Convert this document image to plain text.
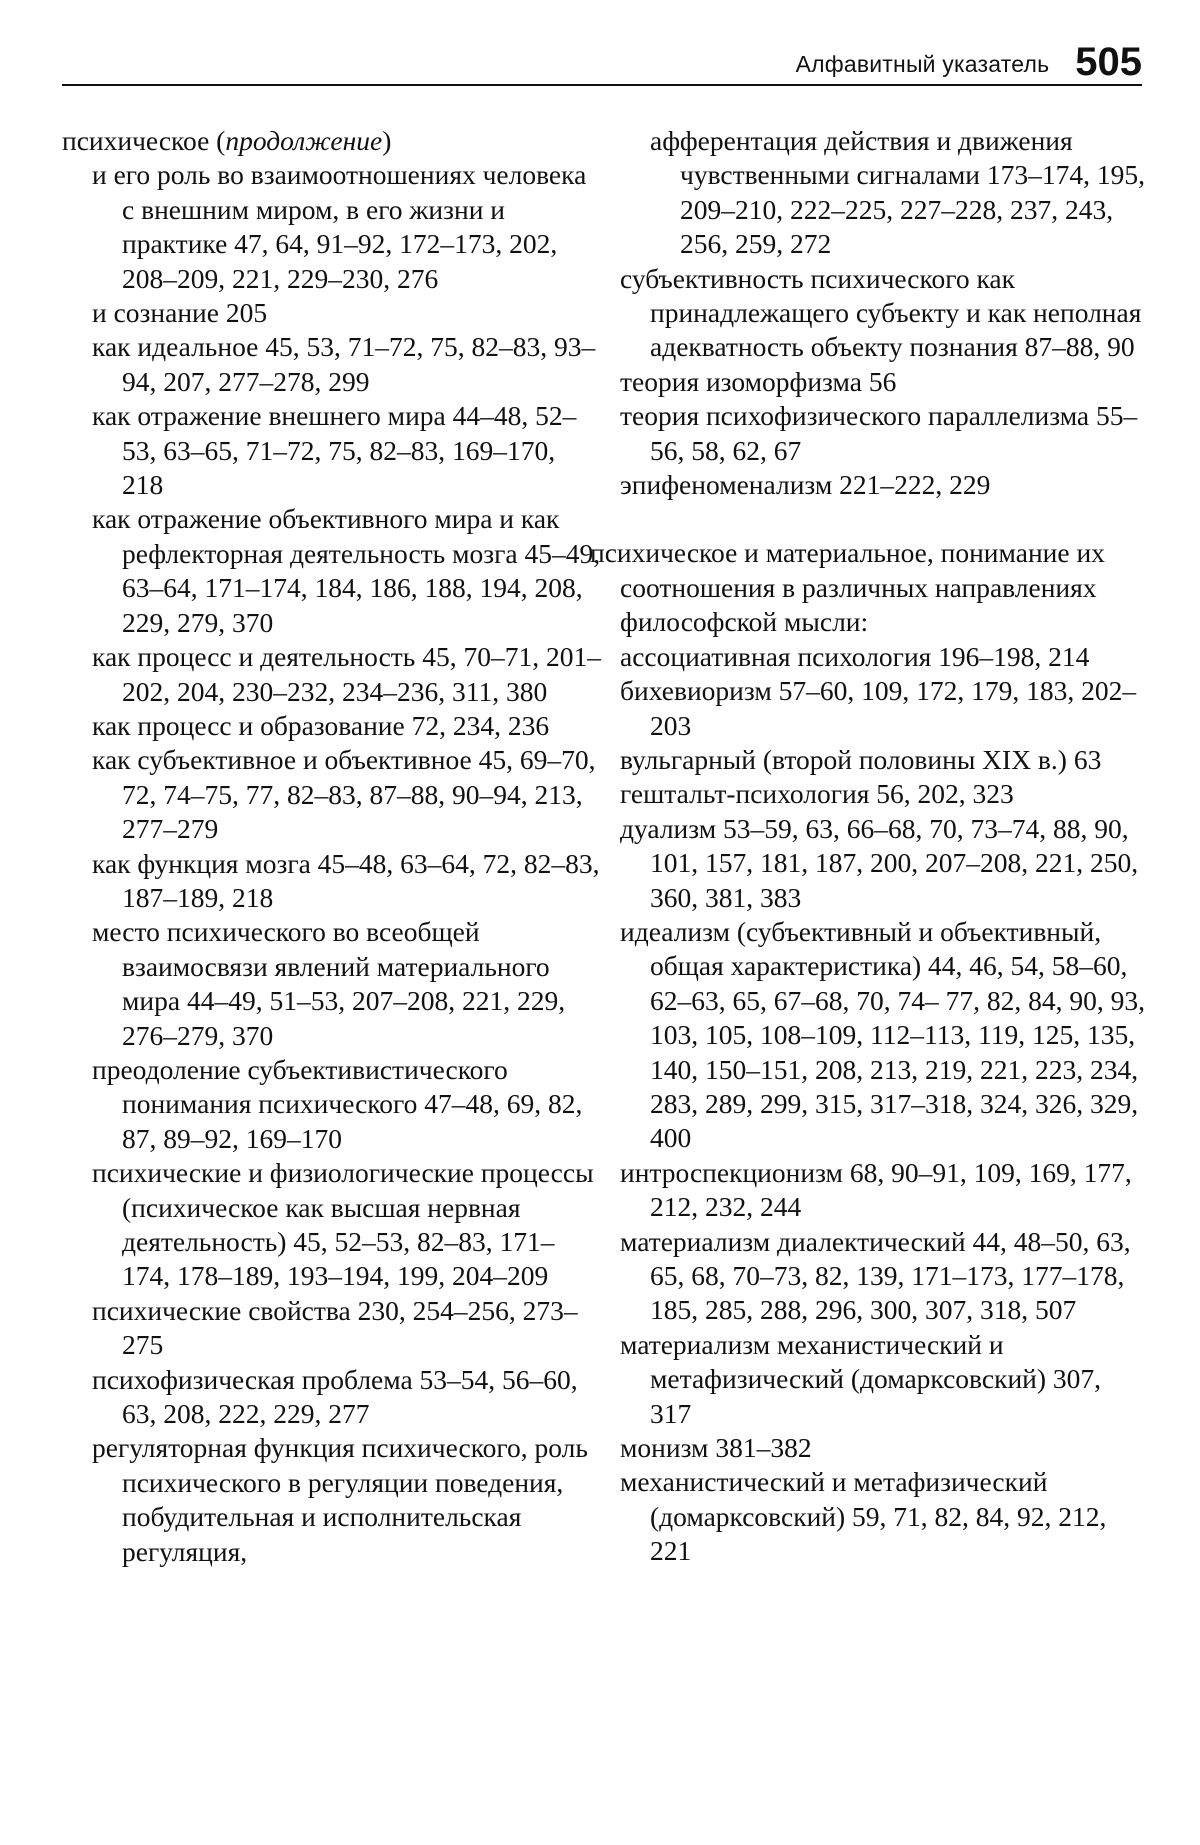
Алфавитный указатель 505

психическое (продолжение)

и его роль во взаимоотношениях человека с внешним миром, в его жизни и практике 47, 64, 91–92, 172–173, 202, 208–209, 221, 229–230, 276

и сознание 205

как идеальное 45, 53, 71–72, 75, 82–83, 93–94, 207, 277–278, 299

как отражение внешнего мира 44–48, 52–53, 63–65, 71–72, 75, 82–83, 169–170, 218

как отражение объективного мира и как рефлекторная деятельность мозга 45–49, 63–64, 171–174, 184, 186, 188, 194, 208, 229, 279, 370

как процесс и деятельность 45, 70–71, 201–202, 204, 230–232, 234–236, 311, 380

как процесс и образование 72, 234, 236

как субъективное и объективное 45, 69–70, 72, 74–75, 77, 82–83, 87–88, 90–94, 213, 277–279

как функция мозга 45–48, 63–64, 72, 82–83, 187–189, 218

место психического во всеобщей взаимосвязи явлений материального мира 44–49, 51–53, 207–208, 221, 229, 276–279, 370

преодоление субъективистического понимания психического 47–48, 69, 82, 87, 89–92, 169–170

психические и физиологические процессы (психическое как высшая нервная деятельность) 45, 52–53, 82–83, 171– 174, 178–189, 193–194, 199, 204–209

психические свойства 230, 254–256, 273–275

психофизическая проблема 53–54, 56–60, 63, 208, 222, 229, 277

регуляторная функция психического, роль психического в регуляции поведения, побудительная и исполнительская регуляция,

афферентация действия и движения чувственными сигналами 173–174, 195, 209–210, 222–225, 227–228, 237, 243, 256, 259, 272

субъективность психического как принадлежащего субъекту и как неполная адекватность объекту познания 87–88, 90

теория изоморфизма 56

теория психофизического параллелизма 55–56, 58, 62, 67

эпифеноменализм 221–222, 229

психическое и материальное, понимание их соотношения в различных направлениях философской мысли:

ассоциативная психология 196–198, 214

бихевиоризм 57–60, 109, 172, 179, 183, 202–203

вульгарный (второй половины XIX в.) 63

гештальт-психология 56, 202, 323

дуализм 53–59, 63, 66–68, 70, 73–74, 88, 90, 101, 157, 181, 187, 200, 207–208, 221, 250, 360, 381, 383

идеализм (субъективный и объективный, общая характеристика) 44, 46, 54, 58–60, 62–63, 65, 67–68, 70, 74– 77, 82, 84, 90, 93, 103, 105, 108–109, 112–113, 119, 125, 135, 140, 150–151, 208, 213, 219, 221, 223, 234, 283, 289, 299, 315, 317–318, 324, 326, 329, 400

интроспекционизм 68, 90–91, 109, 169, 177, 212, 232, 244

материализм диалектический 44, 48–50, 63, 65, 68, 70–73, 82, 139, 171–173, 177–178, 185, 285, 288, 296, 300, 307, 318, 507

материализм механистический и метафизический (домарксовский) 307, 317

монизм 381–382

механистический и метафизический (домарксовский) 59, 71, 82, 84, 92, 212, 221
